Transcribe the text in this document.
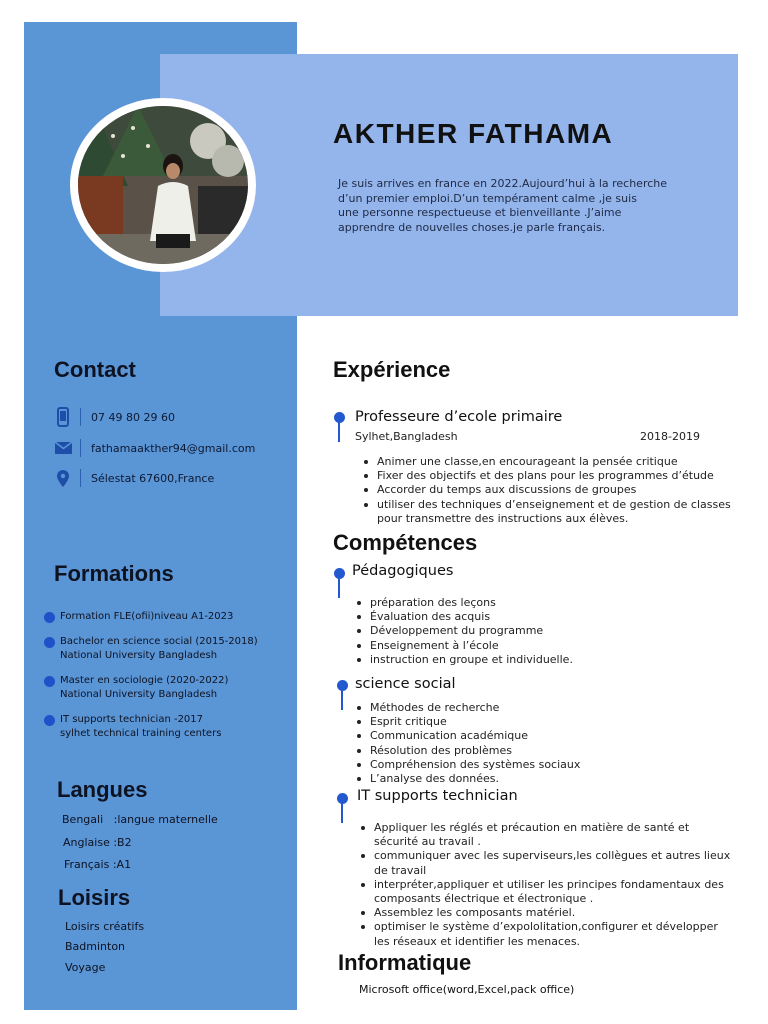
AKTHER FATHAMA
Je suis arrives en france en 2022.Aujourd’hui à la recherche
d’un premier emploi.D’un tempérament calme ,je suis
une personne respectueuse et bienveillante .J’aime
apprendre de nouvelles choses.je parle français.
Contact
07 49 80 29 60
fathamaakther94@gmail.com
Sélestat 67600,France
Formations
Formation FLE(ofii)niveau A1-2023
Bachelor en science social (2015-2018)
National University Bangladesh
Master en sociologie (2020-2022)
National University Bangladesh
IT supports technician -2017
sylhet technical training centers
Langues
Bengali   :langue maternelle
Anglaise :B2
Français :A1
Loisirs
Loisirs créatifs
Badminton
Voyage
Expérience
Professeure d’ecole primaire
Sylhet,Bangladesh	2018-2019
Animer une classe,en encourageant la pensée critique
Fixer des objectifs et des plans pour les programmes d’étude
Accorder du temps aux discussions de groupes
utiliser des techniques d’enseignement et de gestion de classes
pour transmettre des instructions aux élèves.
Compétences
Pédagogiques
préparation des leçons
Évaluation des acquis
Développement du programme
Enseignement à l’école
instruction en groupe et individuelle.
science social
Méthodes de recherche
Esprit critique
Communication académique
Résolution des problèmes
Compréhension des systèmes sociaux
L’analyse des données.
IT supports technician
Appliquer les réglés et précaution en matière de santé et
sécurité au travail .
communiquer avec les superviseurs,les collègues et autres lieux
de travail
interpréter,appliquer et utiliser les principes fondamentaux des
composants électrique et électronique .
Assemblez les composants matériel.
optimiser le système d’expololitation,configurer et développer
les réseaux et identifier les menaces.
Informatique
Microsoft office(word,Excel,pack office)
